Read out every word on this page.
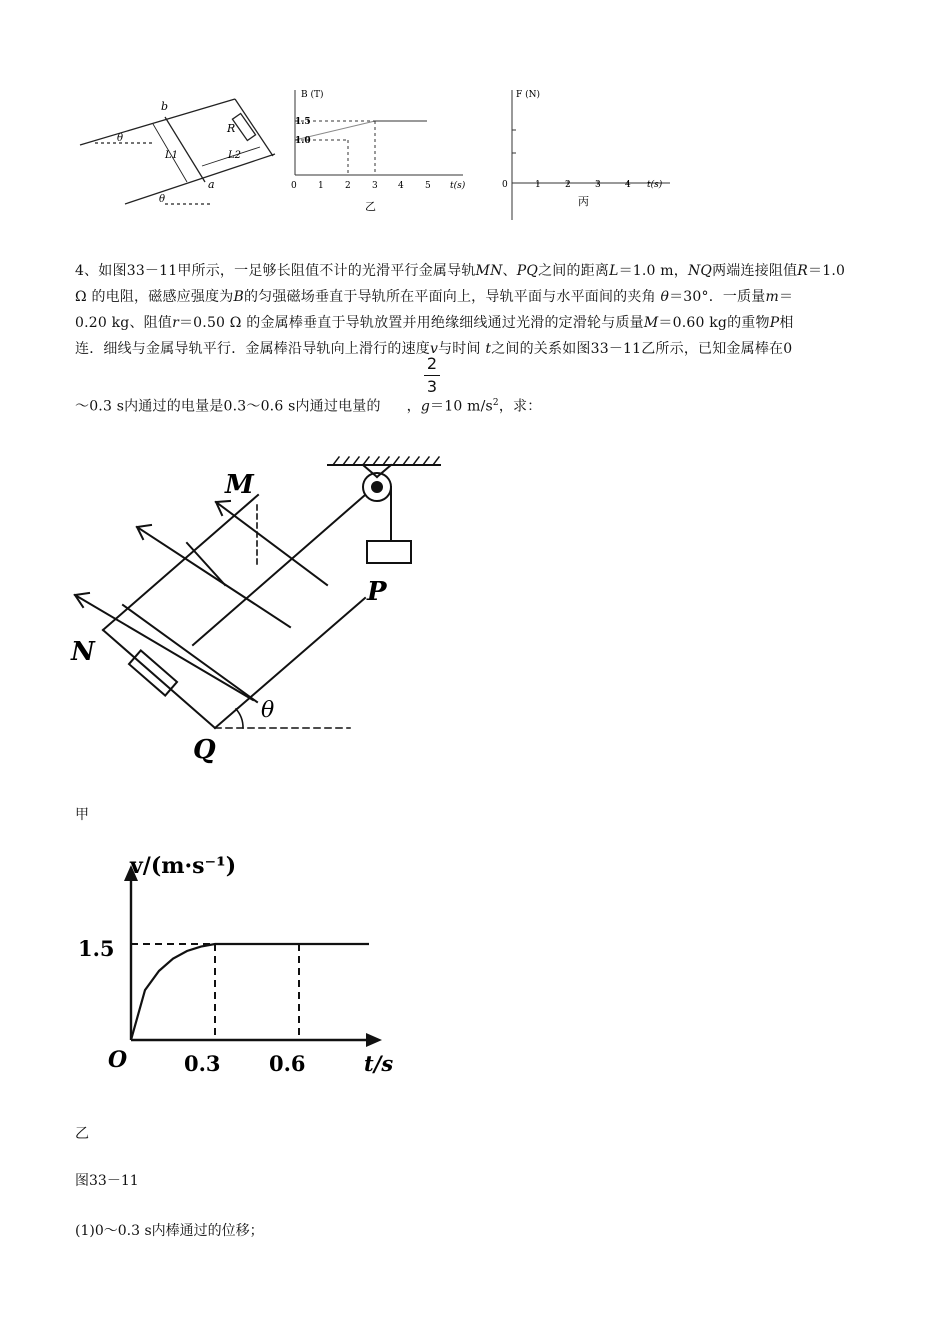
b
a
R
L1	L2
θ
θ
B (T)
1.5
1.0
0 1 2 3 4 5 t(s)
乙
F (N)
0	1	2	3	4 t(s)
丙
4、如图33－11甲所示，一足够长阻值不计的光滑平行金属导轨MN、PQ之间的距离L＝1.0 m，NQ两端连接阻值R＝1.0
Ω 的电阻，磁感应强度为B的匀强磁场垂直于导轨所在平面向上，导轨平面与水平面间的夹角 θ＝30°．一质量m＝
0.20 kg、阻值r＝0.50 Ω 的金属棒垂直于导轨放置并用绝缘细线通过光滑的定滑轮与质量M＝0.60 kg的重物P相
连．细线与金属导轨平行．金属棒沿导轨向上滑行的速度v与时间 t之间的关系如图33－11乙所示，已知金属棒在0
～0.3 s内通过的电量是0.3～0.6 s内通过电量的 ，g＝10 $m/s^2$，求：
2
3
M
N
P
Q
θ
甲
v/(m·s⁻¹)
O
1.5
0.3 0.6	t/s
乙
图33－11
(1)0～0.3 s内棒通过的位移；
